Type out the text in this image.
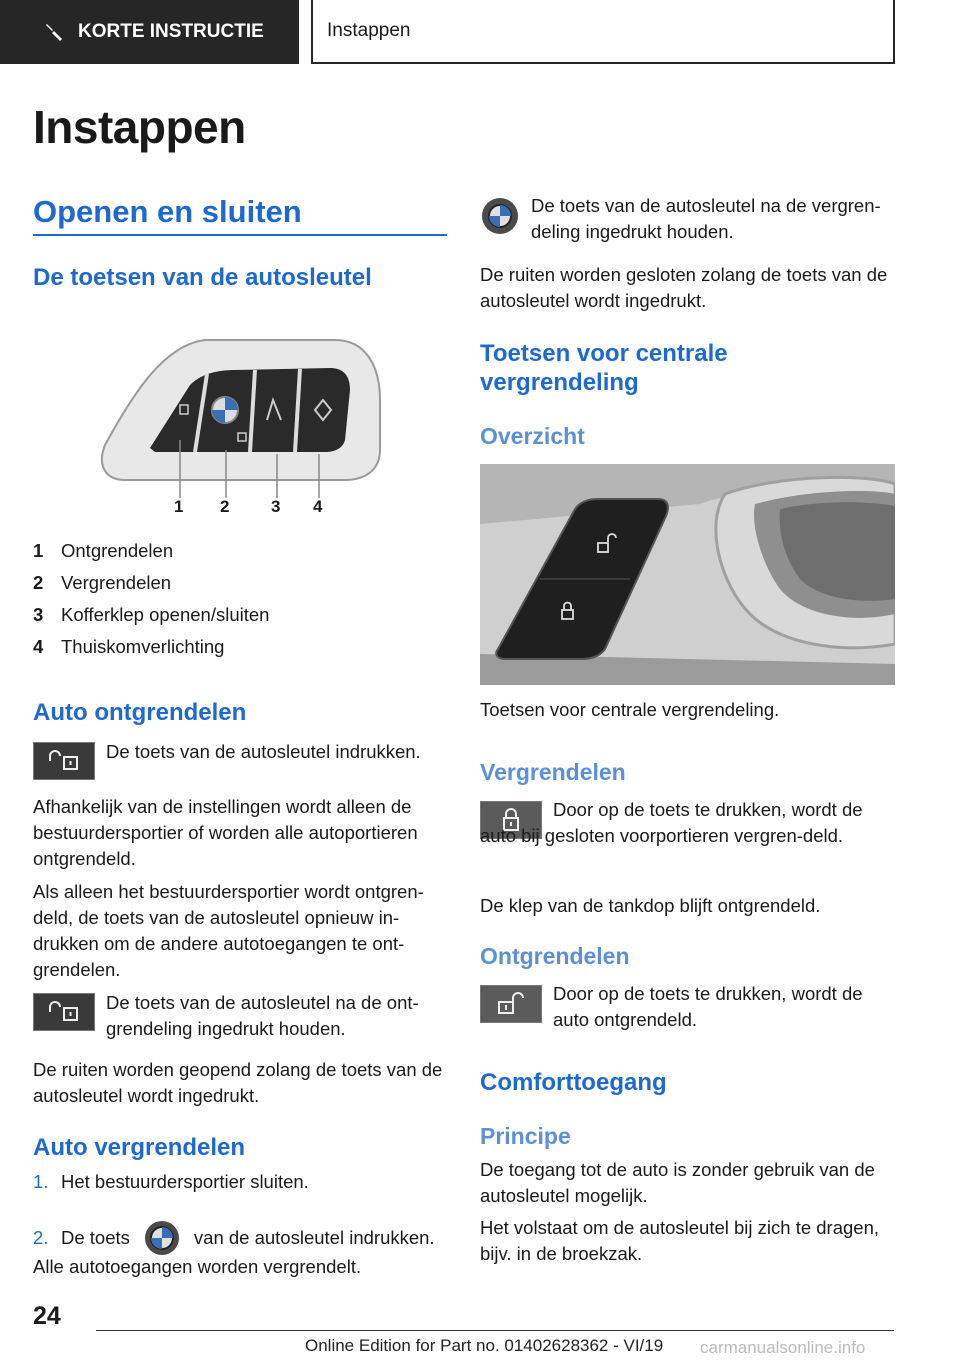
KORTE INSTRUCTIE	Instappen
Instappen
Openen en sluiten
De toetsen van de autosleutel
1 2 3 4
1 Ontgrendelen
2 Vergrendelen
3 Kofferklep openen/sluiten
4 Thuiskomverlichting
Auto ontgrendelen
De toets van de autosleutel indrukken.
Afhankelijk van de instellingen wordt alleen de bestuurdersportier of worden alle autoportieren ontgrendeld.
Als alleen het bestuurdersportier wordt ontgren-deld, de toets van de autosleutel opnieuw in-drukken om de andere autotoegangen te ont-grendelen.
De toets van de autosleutel na de ont-grendeling ingedrukt houden.
De ruiten worden geopend zolang de toets van de autosleutel wordt ingedrukt.
Auto vergrendelen
1. Het bestuurdersportier sluiten.
2. De toets	van de autosleutel indrukken.
Alle autotoegangen worden vergrendelt.
De toets van de autosleutel na de vergren-deling ingedrukt houden.
De ruiten worden gesloten zolang de toets van de autosleutel wordt ingedrukt.
Toetsen voor centrale
vergrendeling
Overzicht
Toetsen voor centrale vergrendeling.
Vergrendelen
Door op de toets te drukken, wordt de auto bij gesloten voorportieren vergren-deld.
De klep van de tankdop blijft ontgrendeld.
Ontgrendelen
Door op de toets te drukken, wordt de auto ontgrendeld.
Comforttoegang
Principe
De toegang tot de auto is zonder gebruik van de autosleutel mogelijk.
Het volstaat om de autosleutel bij zich te dragen, bijv. in de broekzak.
24
Online Edition for Part no. 01402628362 - VI/19 carmanualsonline.info
